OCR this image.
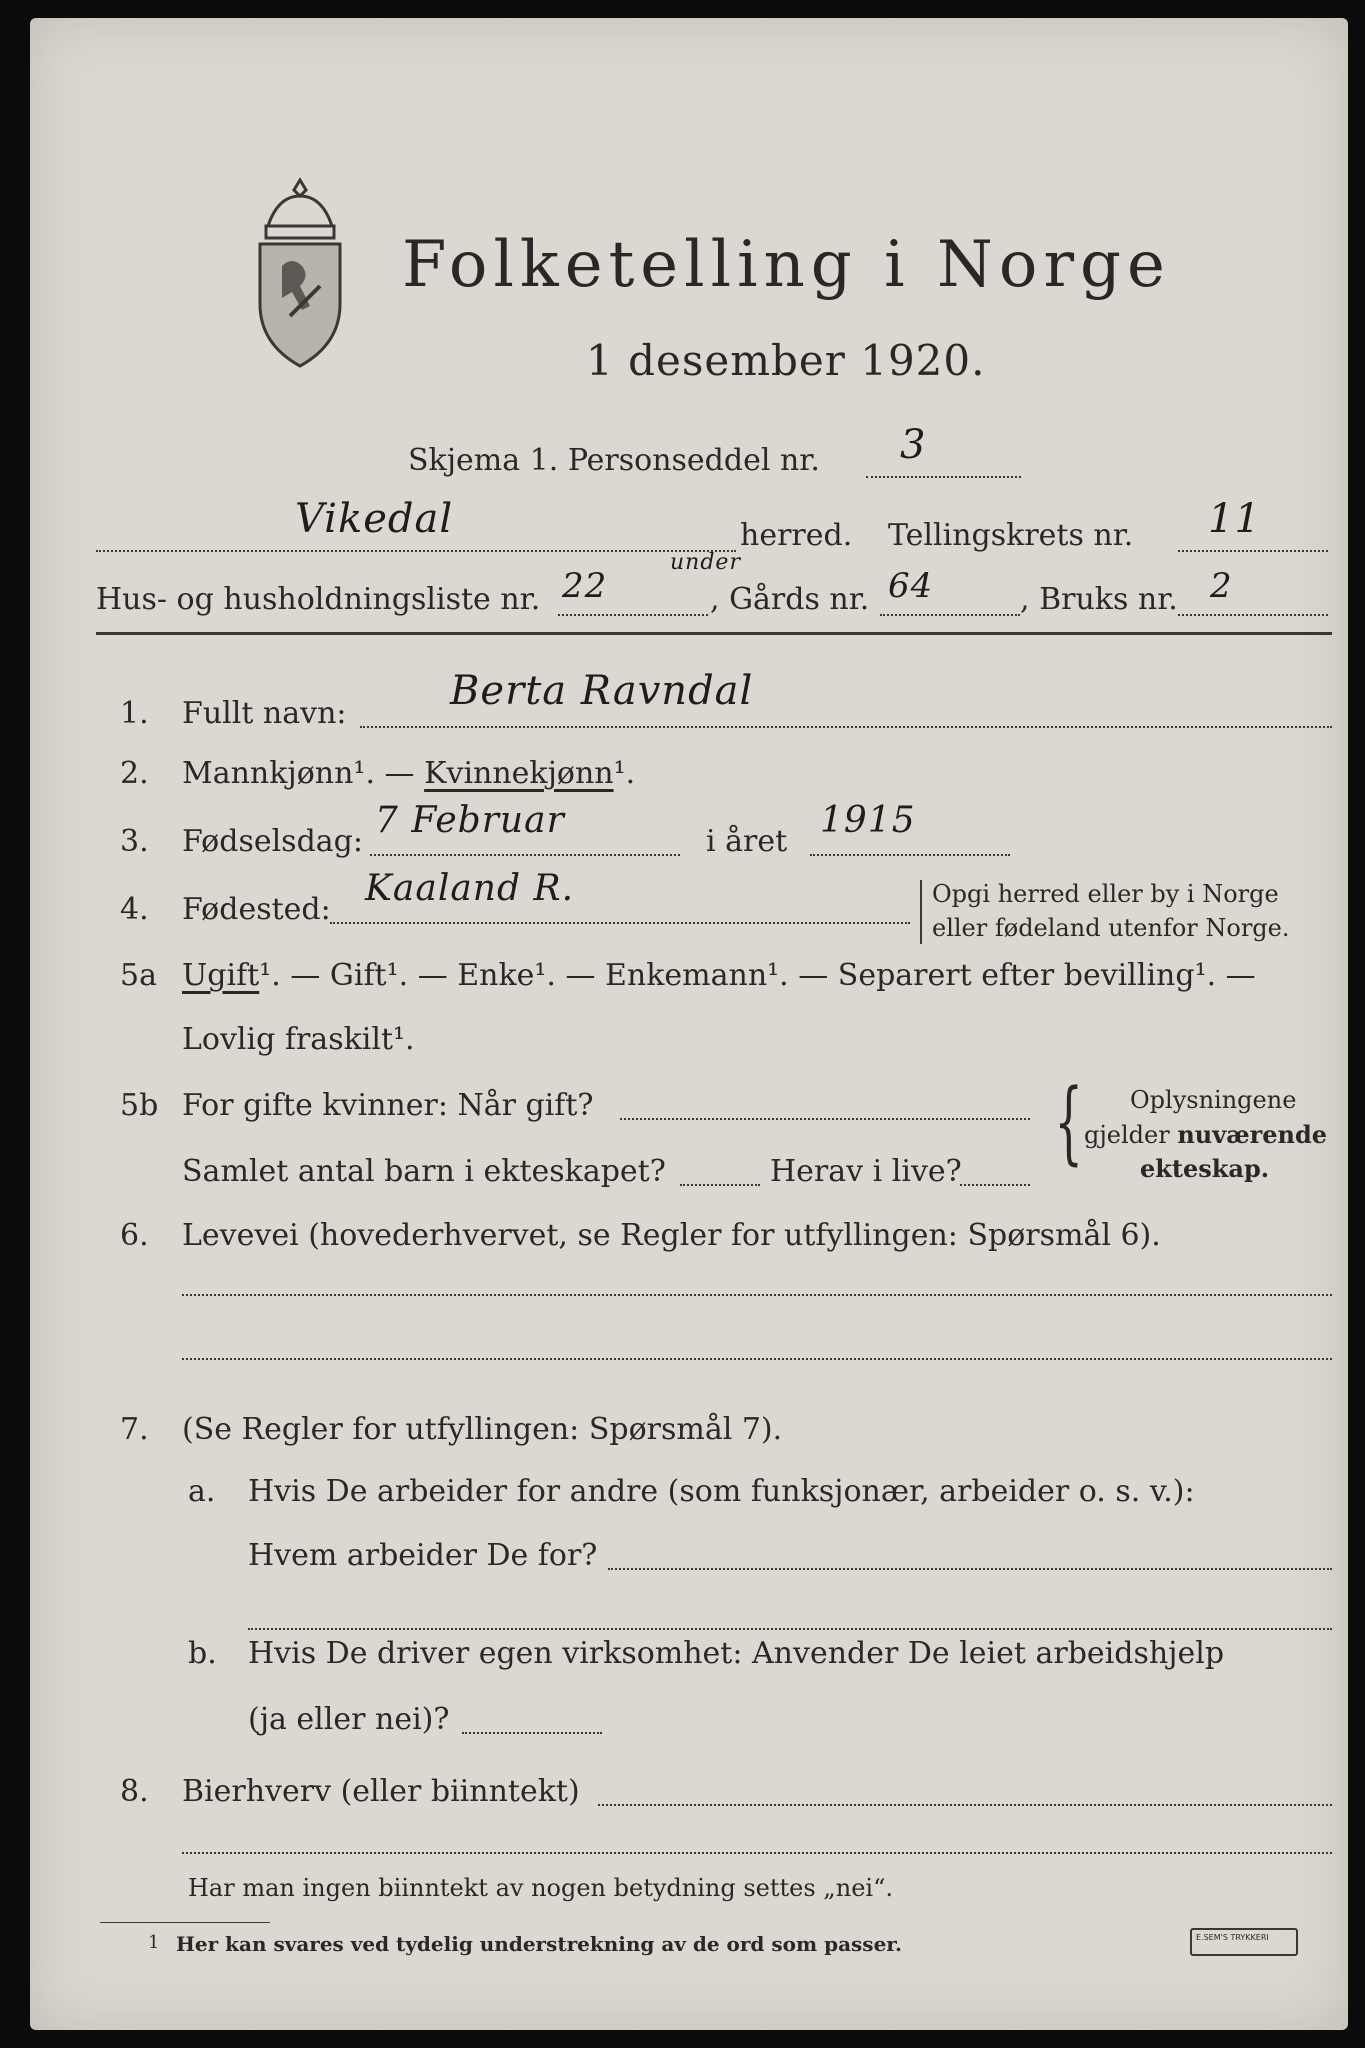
Folketelling i Norge
1 desember 1920.
Skjema 1. Personseddel nr. 3
Vikedal	herred. Tellingskrets nr. 11
Hus- og husholdningsliste nr. 22
under
, Gårds nr. 64	, Bruks nr. 2
1. Fullt navn:	Berta Ravndal
2. Mannkjønn¹. — Kvinnekjønn¹.
3. Fødselsdag:
7 Februar
i året
1915
4. Fødested:
Kaaland R.	Opgi herred eller by i Norge
eller fødeland utenfor Norge.
5a Ugift¹. — Gift¹. — Enke¹. — Enkemann¹. — Separert efter bevilling¹. —
Lovlig fraskilt¹.
5b For gifte kvinner: Når gift?
Samlet antal barn i ekteskapet?	Herav i live? { Oplysningene
gjelder nuværende
ekteskap.
6. Levevei (hovederhvervet, se Regler for utfyllingen: Spørsmål 6).
7. (Se Regler for utfyllingen: Spørsmål 7).
a. Hvis De arbeider for andre (som funksjonær, arbeider o. s. v.):
Hvem arbeider De for?
b. Hvis De driver egen virksomhet: Anvender De leiet arbeidshjelp
(ja eller nei)?
8. Bierhverv (eller biinntekt)
Har man ingen biinntekt av nogen betydning settes „nei“.
1 Her kan svares ved tydelig understrekning av de ord som passer.	E.SEM'S TRYKKERI
